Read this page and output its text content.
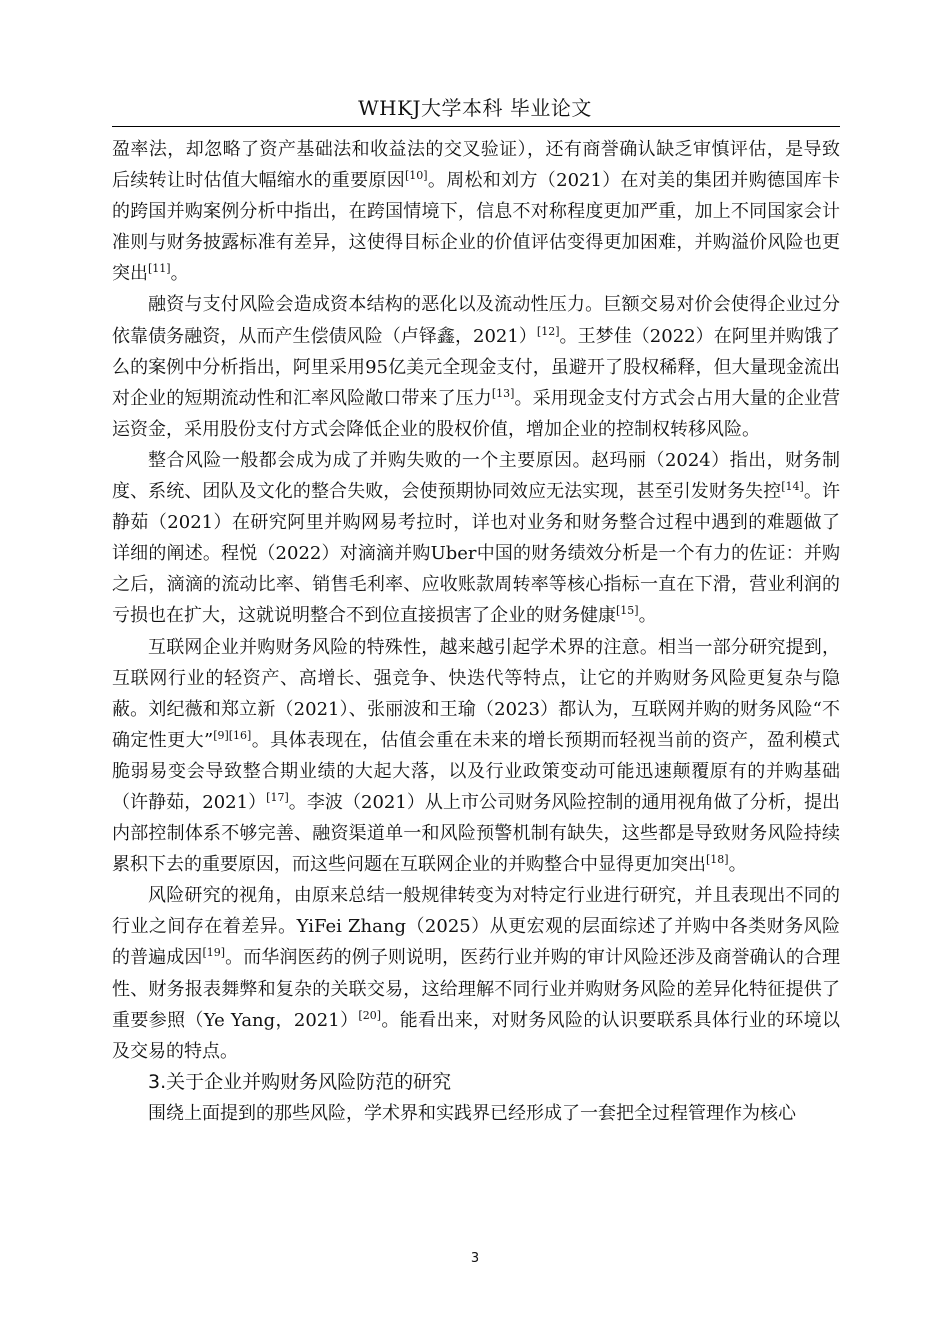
WHKJ大学本科 毕业论文

盈率法，却忽略了资产基础法和收益法的交叉验证），还有商誉确认缺乏审慎评估，是导致后续转让时估值大幅缩水的重要原因[10]。周松和刘方（2021）在对美的集团并购德国库卡的跨国并购案例分析中指出，在跨国情境下，信息不对称程度更加严重，加上不同国家会计准则与财务披露标准有差异，这使得目标企业的价值评估变得更加困难，并购溢价风险也更突出[11]。

融资与支付风险会造成资本结构的恶化以及流动性压力。巨额交易对价会使得企业过分依靠债务融资，从而产生偿债风险（卢铎鑫，2021）[12]。王梦佳（2022）在阿里并购饿了么的案例中分析指出，阿里采用95亿美元全现金支付，虽避开了股权稀释，但大量现金流出对企业的短期流动性和汇率风险敞口带来了压力[13]。采用现金支付方式会占用大量的企业营运资金，采用股份支付方式会降低企业的股权价值，增加企业的控制权转移风险。

整合风险一般都会成为成了并购失败的一个主要原因。赵玛丽（2024）指出，财务制度、系统、团队及文化的整合失败，会使预期协同效应无法实现，甚至引发财务失控[14]。许静茹（2021）在研究阿里并购网易考拉时，详也对业务和财务整合过程中遇到的难题做了详细的阐述。程悦（2022）对滴滴并购Uber中国的财务绩效分析是一个有力的佐证：并购之后，滴滴的流动比率、销售毛利率、应收账款周转率等核心指标一直在下滑，营业利润的亏损也在扩大，这就说明整合不到位直接损害了企业的财务健康[15]。

互联网企业并购财务风险的特殊性，越来越引起学术界的注意。相当一部分研究提到，互联网行业的轻资产、高增长、强竞争、快迭代等特点，让它的并购财务风险更复杂与隐蔽。刘纪薇和郑立新（2021）、张丽波和王瑜（2023）都认为，互联网并购的财务风险“不确定性更大”[9][16]。具体表现在，估值会重在未来的增长预期而轻视当前的资产，盈利模式脆弱易变会导致整合期业绩的大起大落，以及行业政策变动可能迅速颠覆原有的并购基础（许静茹，2021）[17]。李波（2021）从上市公司财务风险控制的通用视角做了分析，提出内部控制体系不够完善、融资渠道单一和风险预警机制有缺失，这些都是导致财务风险持续累积下去的重要原因，而这些问题在互联网企业的并购整合中显得更加突出[18]。

风险研究的视角，由原来总结一般规律转变为对特定行业进行研究，并且表现出不同的行业之间存在着差异。YiFei Zhang（2025）从更宏观的层面综述了并购中各类财务风险的普遍成因[19]。而华润医药的例子则说明，医药行业并购的审计风险还涉及商誉确认的合理性、财务报表舞弊和复杂的关联交易，这给理解不同行业并购财务风险的差异化特征提供了重要参照（Ye Yang，2021）[20]。能看出来，对财务风险的认识要联系具体行业的环境以及交易的特点。

3.关于企业并购财务风险防范的研究

围绕上面提到的那些风险，学术界和实践界已经形成了一套把全过程管理作为核心

3
